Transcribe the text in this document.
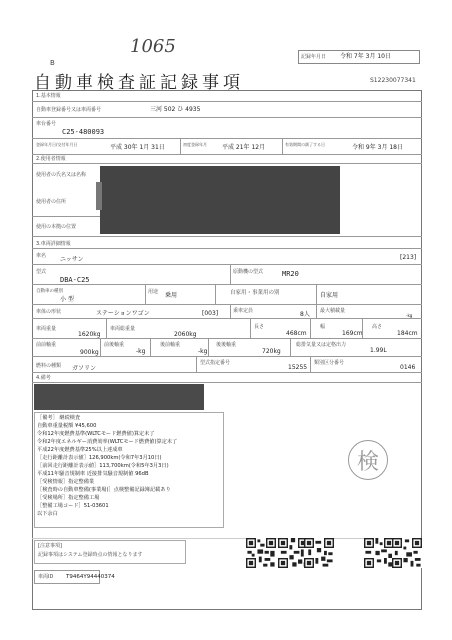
1065
B
記録年月日 令和 7年 3月 10日
自動車検査証記録事項	S12230077341
1.基本情報
自動車登録番号又は車両番号	三河 502 ひ 4935
車台番号
C25-480093
登録年月日/交付年月日	平成 30年 1月 31日	初度登録年月	平成 21年 12月	有効期間の満了する日	令和 9年 3月 18日
2.使用者情報
使用者の氏名又は名称
使用者の住所
使用の本拠の位置
3.車両詳細情報
車名 ニッサン	[213]
型式
DBA-C25
原動機の型式	MR20
自動車の種別
小 型
用途 乗用	自家用・事業用の別	自家用
車体の形状	ステーションワゴン	[003]	乗車定員	8人 最大積載量
-kg
車両重量
1620kg
車両総重量
2060kg
長さ
468cm
幅
169cm
高さ
184cm
前前軸重
900kg
前後軸重
-kg
後前軸重
-kg
後後軸重
720kg
総排気量又は定格出力
1.99L
燃料の種類 ガソリン
型式指定番号
15255
類別区分番号
0146
4.備考
［備考］ 継続検査
自動車重量税額 ¥45,600
令和12年度燃費基準(WLTCモード燃費値)算定未了
令和2年度エネルギー消費効率(WLTCモード燃費値)算定未了
平成22年度燃費基準25%以上達成車
［走行距離計表示値］126,900km(令和7年3月10日)
［前回走行距離計表示値］113,700km(令和5年3月3日)
平成11年騒音規制車 近接排気騒音規制値 96dB
［受検情報］指定整備業
［検査時の自動車整備(事業場)］点検整備記録簿記載あり
［受検場所］指定整備工場
［整備工場コード］51-03601
以下余白
検
[注意事項]
記録事項はシステム登録時点の情報となります
車両ID T9464Y94440374
